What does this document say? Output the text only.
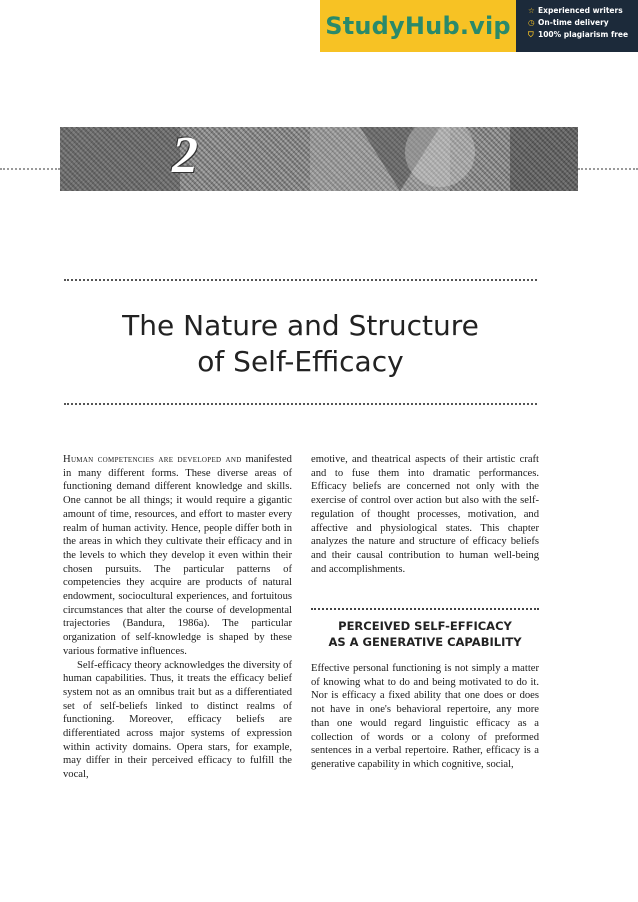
StudyHub.vip
☆ Experienced writers
◷ On-time delivery
⛉ 100% plagiarism free
2
The Nature and Structure
of Self-Efficacy

Human competencies are developed and manifested in many different forms. These diverse areas of functioning demand different knowledge and skills. One cannot be all things; it would require a gigantic amount of time, resources, and effort to master every realm of human activity. Hence, people differ both in the areas in which they cultivate their efficacy and in the levels to which they develop it even within their chosen pursuits. The particular patterns of competencies they acquire are products of natural endowment, sociocultural experiences, and fortuitous circumstances that alter the course of developmental trajectories (Bandura, 1986a). The particular organization of self-knowledge is shaped by these various formative influences.

Self-efficacy theory acknowledges the diversity of human capabilities. Thus, it treats the efficacy belief system not as an omnibus trait but as a differentiated set of self-beliefs linked to distinct realms of functioning. Moreover, efficacy beliefs are differentiated across major systems of expression within activity domains. Opera stars, for example, may differ in their perceived efficacy to fulfill the vocal,

emotive, and theatrical aspects of their artistic craft and to fuse them into dramatic performances. Efficacy beliefs are concerned not only with the exercise of control over action but also with the self-regulation of thought processes, motivation, and affective and physiological states. This chapter analyzes the nature and structure of efficacy beliefs and their causal contribution to human well-being and accomplishments.

PERCEIVED SELF-EFFICACY
AS A GENERATIVE CAPABILITY

Effective personal functioning is not simply a matter of knowing what to do and being motivated to do it. Nor is efficacy a fixed ability that one does or does not have in one's behavioral repertoire, any more than one would regard linguistic efficacy as a collection of words or a colony of preformed sentences in a verbal repertoire. Rather, efficacy is a generative capability in which cognitive, social,
